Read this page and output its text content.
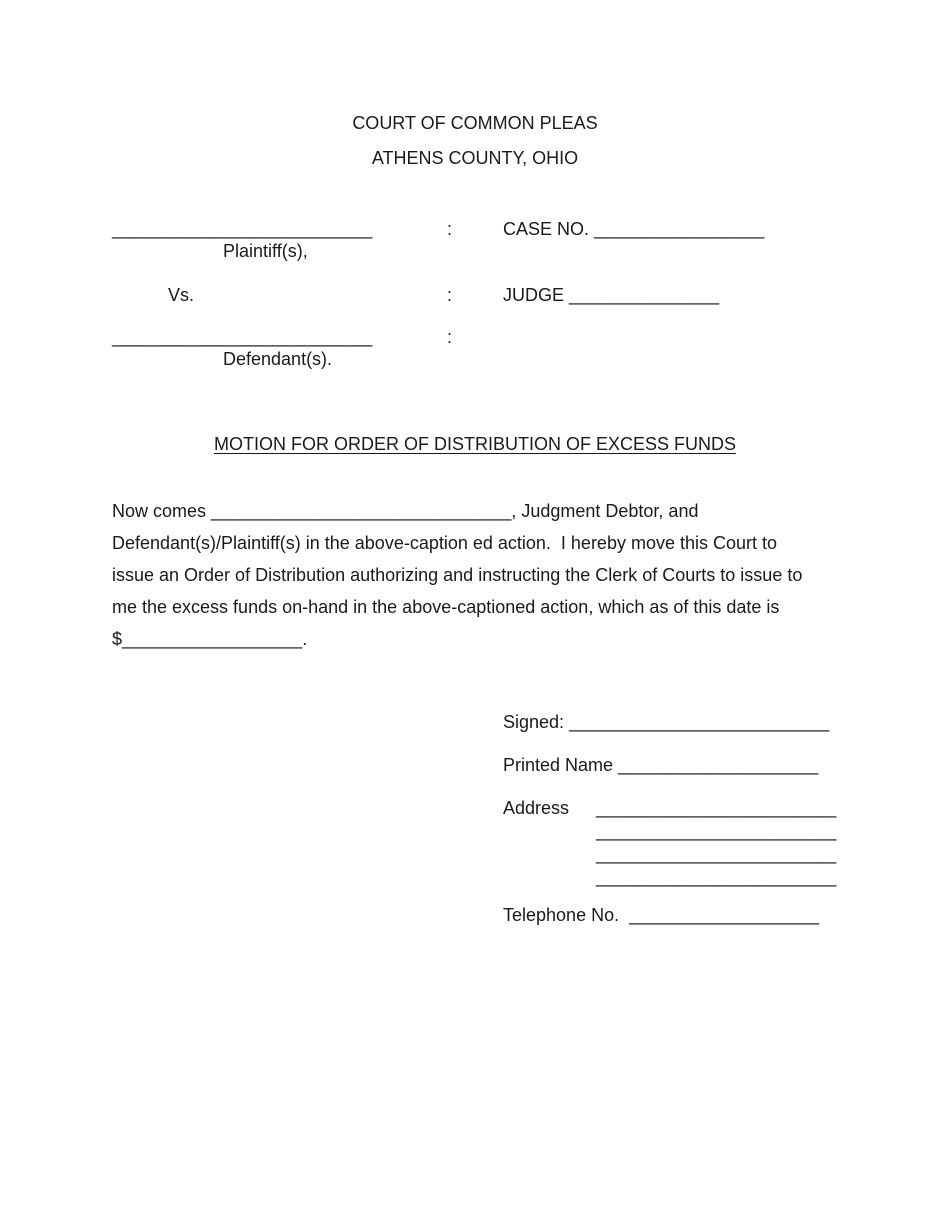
COURT OF COMMON PLEAS
ATHENS COUNTY, OHIO
__________________________
Plaintiff(s),
Vs.
__________________________
Defendant(s).
:
:
:
CASE NO. _________________
JUDGE _______________
MOTION FOR ORDER OF DISTRIBUTION OF EXCESS FUNDS
Now comes ______________________________, Judgment Debtor, and
Defendant(s)/Plaintiff(s) in the above-caption ed action.  I hereby move this Court to
issue an Order of Distribution authorizing and instructing the Clerk of Courts to issue to
me the excess funds on-hand in the above-captioned action, which as of this date is
$__________________.
Signed: __________________________
Printed Name ____________________
Address ________________________
________________________
________________________
________________________
Telephone No.  ___________________
